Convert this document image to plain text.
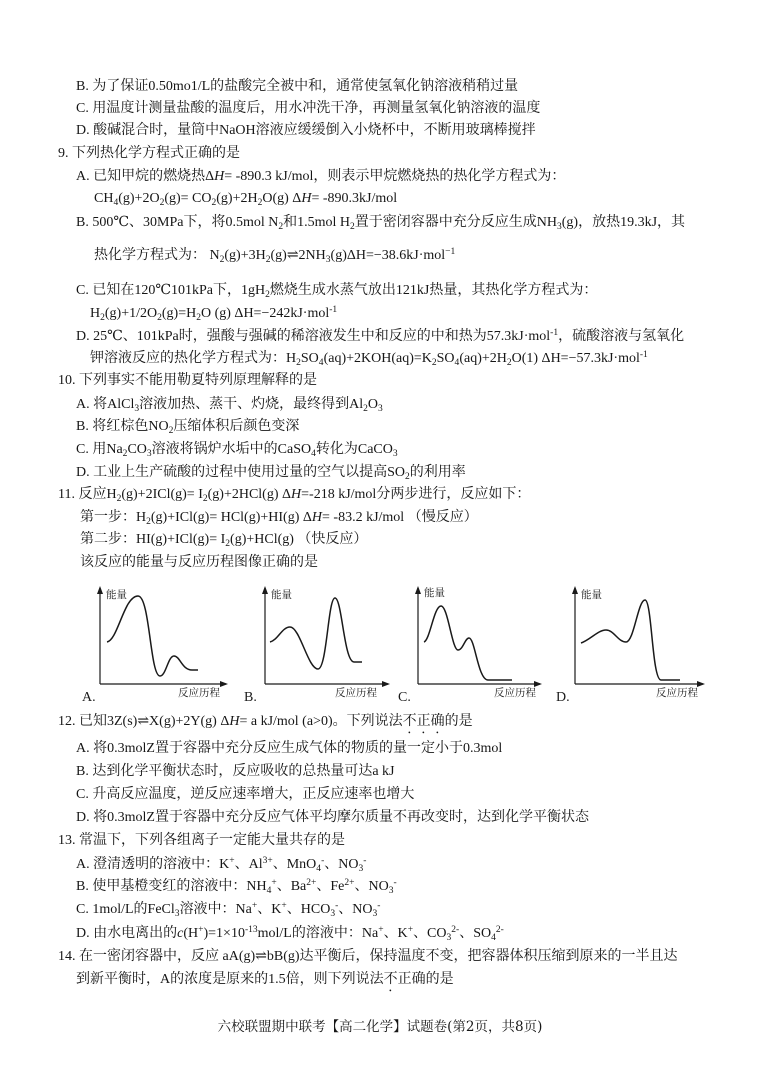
B. 为了保证0.50mo1/L的盐酸完全被中和，通常使氢氧化钠溶液稍稍过量
C. 用温度计测量盐酸的温度后，用水冲洗干净，再测量氢氧化钠溶液的温度
D. 酸碱混合时，量筒中NaOH溶液应缓缓倒入小烧杯中，不断用玻璃棒搅拌
9. 下列热化学方程式正确的是
A. 已知甲烷的燃烧热ΔH= -890.3 kJ/mol，则表示甲烷燃烧热的热化学方程式为：
$CH_4(g)+2O_2(g)= CO_2(g)+2H_2O(g)$ ΔH= -890.3kJ/mol
B. 500℃、30MPa下，将0.5mol $N_2$和1.5mol $H_2$置于密闭容器中充分反应生成$NH_3(g)$，放热19.3kJ，其
热化学方程式为： $N_2(g)+3H_2(g)\rightleftharpoons 2NH_3(g)\Delta H=-38.6kJ\cdot mol^{-1}$
C. 已知在120℃101kPa下，$1gH_2$燃烧生成水蒸气放出121kJ热量，其热化学方程式为：
$H_2(g)+1/2O_2(g)=H_2O$ (g) ΔH=−242kJ·mol$^{-1}$
D. 25℃、101kPa时，强酸与强碱的稀溶液发生中和反应的中和热为57.3kJ·mol$^{-1}$，硫酸溶液与氢氧化
钾溶液反应的热化学方程式为：$H_2SO_4(aq)+2KOH(aq)=K_2SO_4(aq)+2H_2O(1)$ ΔH=−57.3kJ·mol$^{-1}$
10. 下列事实不能用勒夏特列原理解释的是
A. 将AlCl$_3$溶液加热、蒸干、灼烧，最终得到$Al_2O_3$
B. 将红棕色$NO_2$压缩体积后颜色变深
C. 用$Na_2CO_3$溶液将锅炉水垢中的CaSO$_4$转化为CaCO$_3$
D. 工业上生产硫酸的过程中使用过量的空气以提高$SO_2$的利用率
11. 反应$H_2(g)+2ICl(g)= I_2(g)+2HCl(g)$ ΔH=-218 kJ/mol分两步进行，反应如下：
第一步：$H_2(g)+ICl(g)= HCl(g)+HI(g)$ ΔH= -83.2 kJ/mol （慢反应）
第二步：$HI(g)+ICl(g)= I_2(g)+HCl(g)$ （快反应）
该反应的能量与反应历程图像正确的是
能量
反应历程
A.
能量
反应历程
B.
能量
反应历程
C.
能量
反应历程
D.
12. 已知3Z(s)⇌X(g)+2Y(g) ΔH= a kJ/mol (a>0)。下列说法不正确的是
A. 将0.3molZ置于容器中充分反应生成气体的物质的量一定小于0.3mol
B. 达到化学平衡状态时，反应吸收的总热量可达a kJ
C. 升高反应温度，逆反应速率增大，正反应速率也增大
D. 将0.3molZ置于容器中充分反应气体平均摩尔质量不再改变时，达到化学平衡状态
13. 常温下，下列各组离子一定能大量共存的是
A. 澄清透明的溶液中：K+、$Al^{3+}$、MnO$_4$-、$NO_3^-$
B. 使甲基橙变红的溶液中：$NH_4^+$、$Ba^{2+}$、$Fe^{2+}$、$NO_3^-$
C. 1mol/L的FeCl$_3$溶液中：Na+、K+、$HCO_3^-$、$NO_3^-$
D. 由水电离出的$c(H^+)=1\times 10^{-13}mol/L$的溶液中：Na+、K+、$CO_3^{2-}$、$SO_4^{2-}$
14. 在一密闭容器中，反应 aA(g)⇌bB(g)达平衡后，保持温度不变，把容器体积压缩到原来的一半且达
到新平衡时，A的浓度是原来的1.5倍，则下列说法不正确的是
六校联盟期中联考【高二化学】试题卷(第2页，共8页)
